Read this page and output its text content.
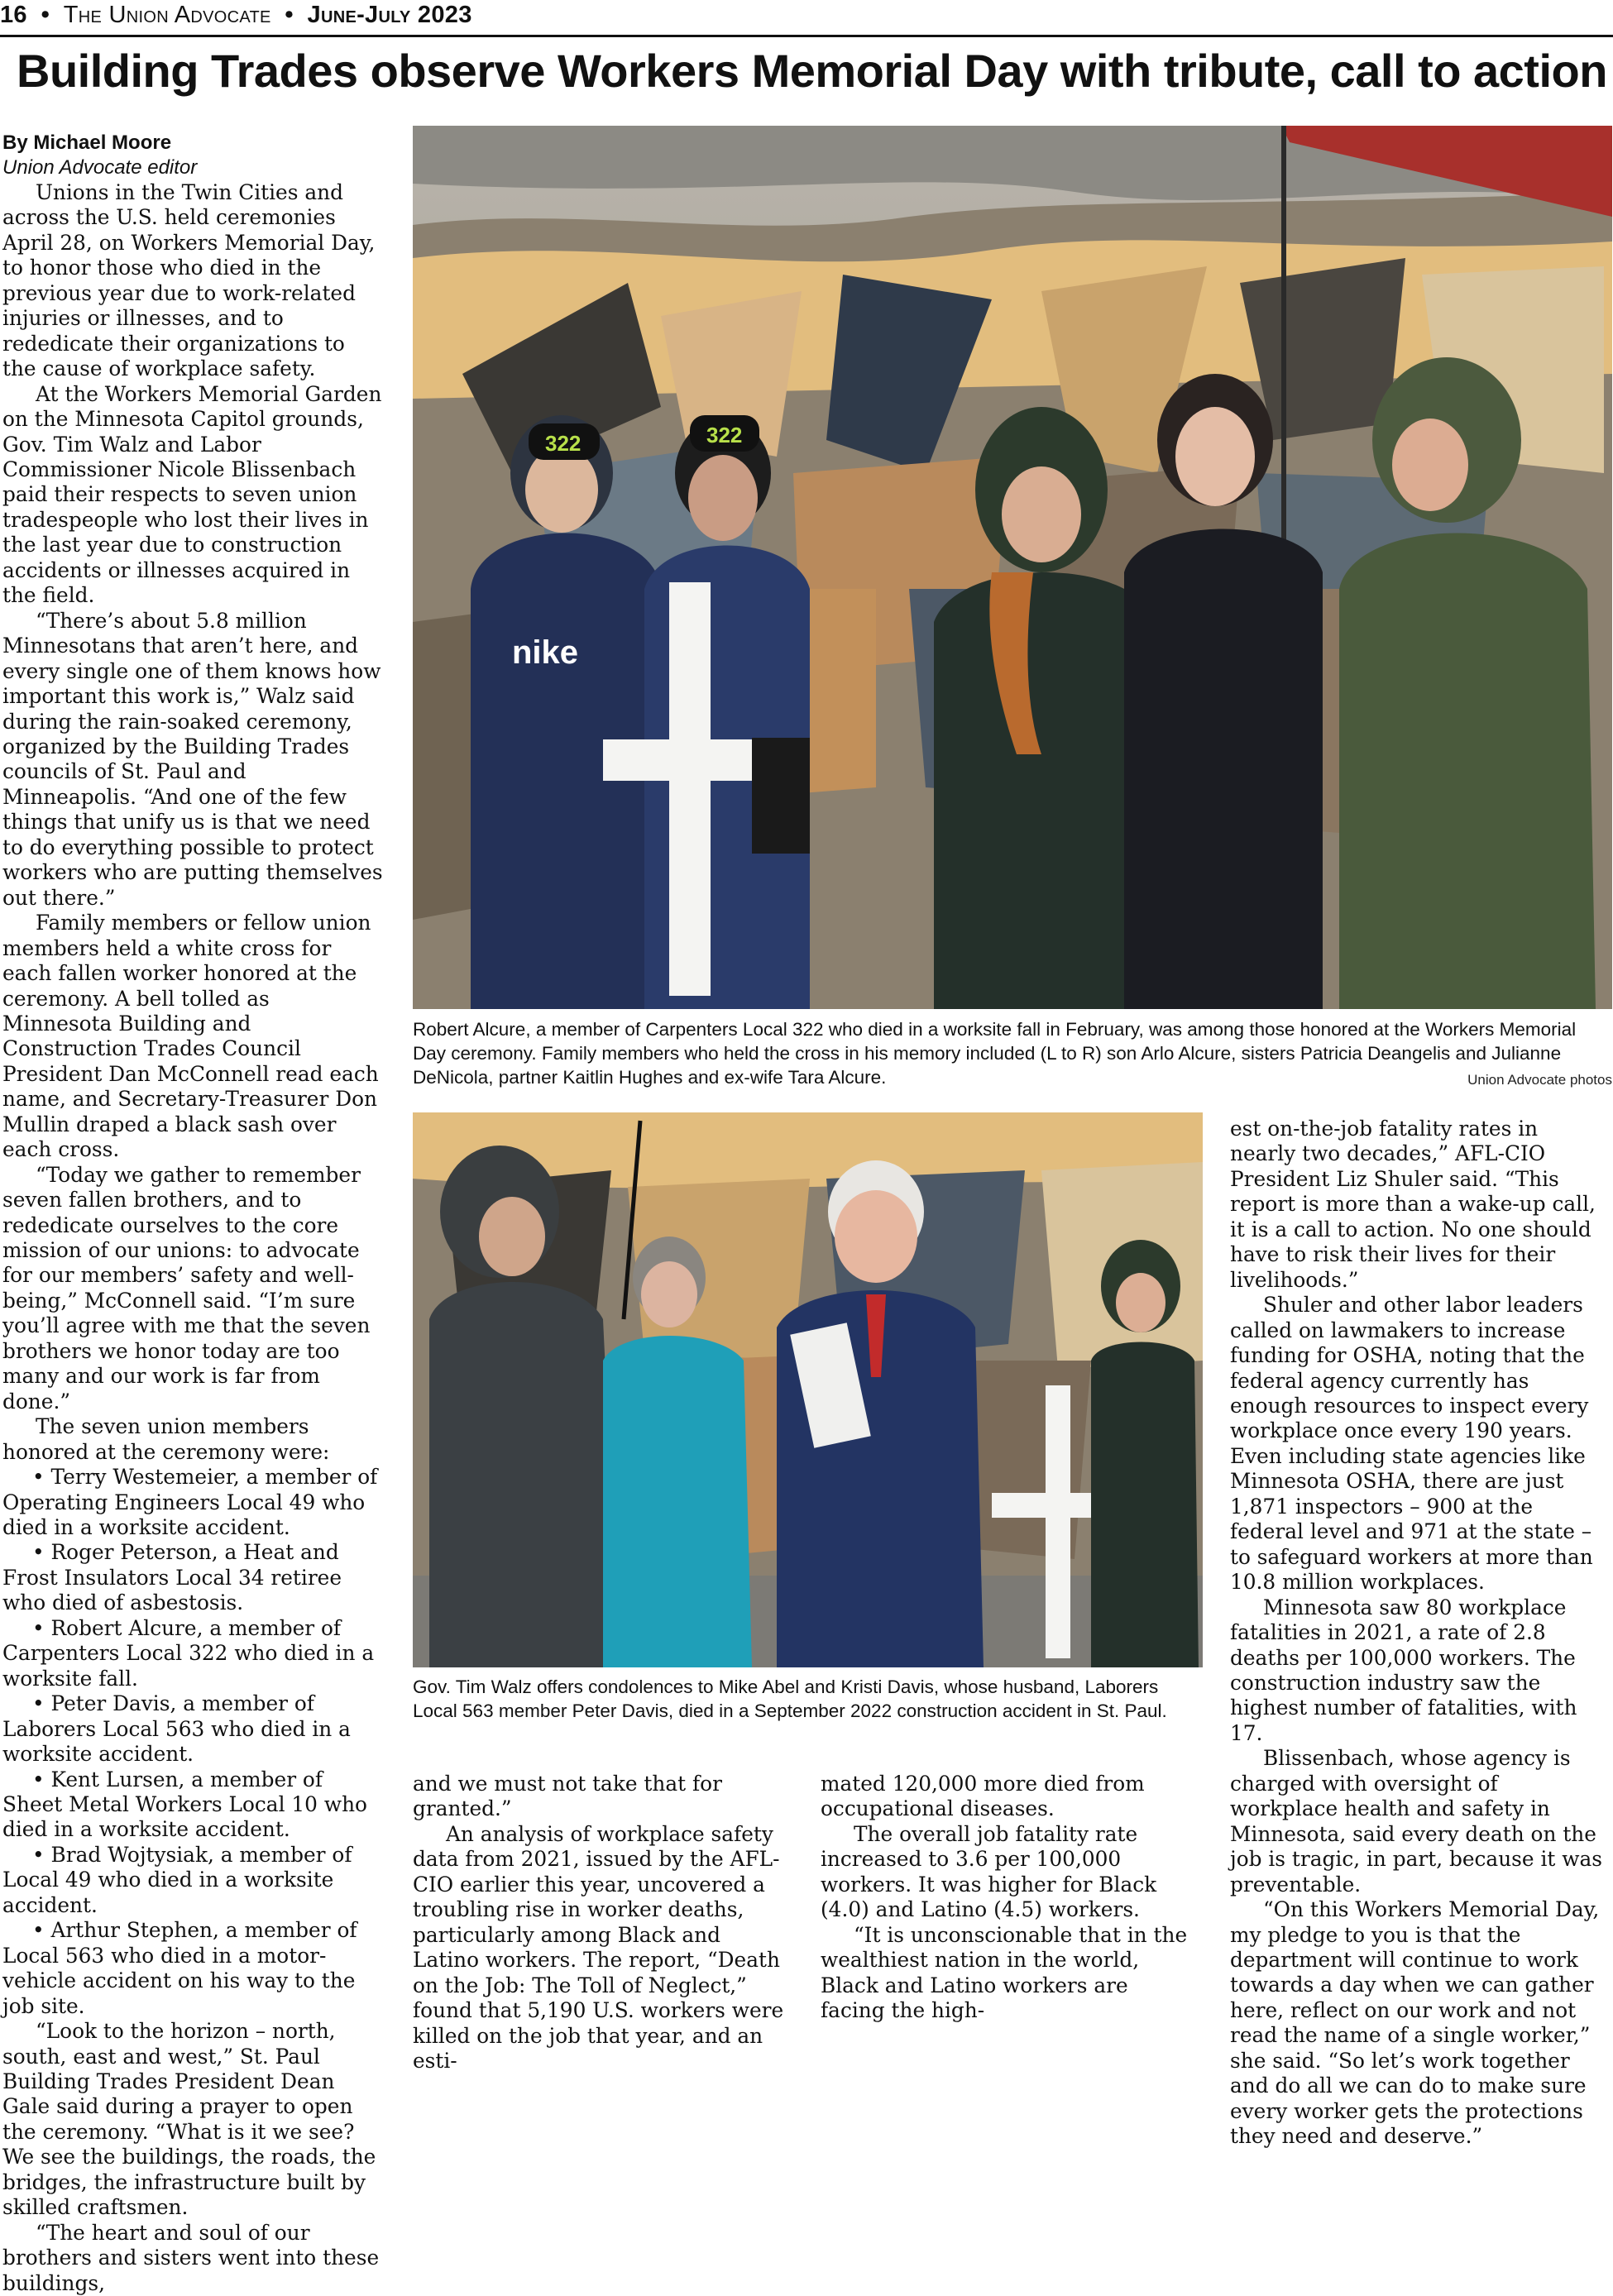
16  •  The Union Advocate  •  June-July 2023
Building Trades observe Workers Memorial Day with tribute, call to action
By Michael Moore
Union Advocate editor

Unions in the Twin Cities and across the U.S. held ceremonies April 28, on Workers Memorial Day, to honor those who died in the previous year due to work-related injuries or illnesses, and to rededicate their organizations to the cause of workplace safety.

At the Workers Memorial Garden on the Minnesota Capitol grounds, Gov. Tim Walz and Labor Commissioner Nicole Blissenbach paid their respects to seven union tradespeople who lost their lives in the last year due to construction accidents or illnesses acquired in the field.

“There’s about 5.8 million Minnesotans that aren’t here, and every single one of them knows how important this work is,” Walz said during the rain-soaked ceremony, organized by the Building Trades councils of St. Paul and Minneapolis. “And one of the few things that unify us is that we need to do everything possible to protect workers who are putting themselves out there.”

Family members or fellow union members held a white cross for each fallen worker honored at the ceremony. A bell tolled as Minnesota Building and Construction Trades Council President Dan McConnell read each name, and Secretary-Treasurer Don Mullin draped a black sash over each cross.

“Today we gather to remember seven fallen brothers, and to rededicate ourselves to the core mission of our unions: to advocate for our members’ safety and well-being,” McConnell said. “I’m sure you’ll agree with me that the seven brothers we honor today are too many and our work is far from done.”

The seven union members honored at the ceremony were:

• Terry Westemeier, a member of Operating Engineers Local 49 who died in a worksite accident.

• Roger Peterson, a Heat and Frost Insulators Local 34 retiree who died of asbestosis.

• Robert Alcure, a member of Carpenters Local 322 who died in a worksite fall.

• Peter Davis, a member of Laborers Local 563 who died in a worksite accident.

• Kent Lursen, a member of Sheet Metal Workers Local 10 who died in a worksite accident.

• Brad Wojtysiak, a member of Local 49 who died in a worksite accident.

• Arthur Stephen, a member of Local 563 who died in a motor-vehicle accident on his way to the job site.

“Look to the horizon – north, south, east and west,” St. Paul Building Trades President Dean Gale said during a prayer to open the ceremony. “What is it we see? We see the buildings, the roads, the bridges, the infrastructure built by skilled craftsmen.

“The heart and soul of our brothers and sisters went into these buildings,

nike
322	322
Robert Alcure, a member of Carpenters Local 322 who died in a worksite fall in February, was among those honored at the Workers Memorial Day ceremony. Family members who held the cross in his memory included (L to R) son Arlo Alcure, sisters Patricia Deangelis and Julianne DeNicola, partner Kaitlin Hughes and ex-wife Tara Alcure.	Union Advocate photos
Gov. Tim Walz offers condolences to Mike Abel and Kristi Davis, whose husband, Laborers Local 563 member Peter Davis, died in a September 2022 construction accident in St. Paul.

and we must not take that for granted.”

An analysis of workplace safety data from 2021, issued by the AFL-CIO earlier this year, uncovered a troubling rise in worker deaths, particularly among Black and Latino workers. The report, “Death on the Job: The Toll of Neglect,” found that 5,190 U.S. workers were killed on the job that year, and an esti-

mated 120,000 more died from occupational diseases.

The overall job fatality rate increased to 3.6 per 100,000 workers. It was higher for Black (4.0) and Latino (4.5) workers.

“It is unconscionable that in the wealthiest nation in the world, Black and Latino workers are facing the high-

est on-the-job fatality rates in nearly two decades,” AFL-CIO President Liz Shuler said. “This report is more than a wake-up call, it is a call to action. No one should have to risk their lives for their livelihoods.”

Shuler and other labor leaders called on lawmakers to increase funding for OSHA, noting that the federal agency currently has enough resources to inspect every workplace once every 190 years. Even including state agencies like Minnesota OSHA, there are just 1,871 inspectors – 900 at the federal level and 971 at the state – to safeguard workers at more than 10.8 million workplaces.

Minnesota saw 80 workplace fatalities in 2021, a rate of 2.8 deaths per 100,000 workers. The construction industry saw the highest number of fatalities, with 17.

Blissenbach, whose agency is charged with oversight of workplace health and safety in Minnesota, said every death on the job is tragic, in part, because it was preventable.

“On this Workers Memorial Day, my pledge to you is that the department will continue to work towards a day when we can gather here, reflect on our work and not read the name of a single worker,” she said. “So let’s work together and do all we can do to make sure every worker gets the protections they need and deserve.”
